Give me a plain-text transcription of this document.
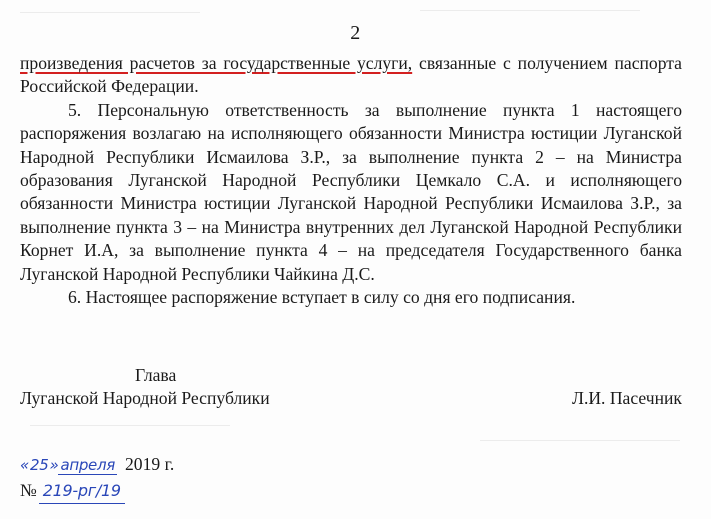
2

произведения расчетов за государственные услуги, связанные с получением паспорта Российской Федерации.

5. Персональную ответственность за выполнение пункта 1 настоящего распоряжения возлагаю на исполняющего обязанности Министра юстиции Луганской Народной Республики Исмаилова З.Р., за выполнение пункта 2 – на Министра образования Луганской Народной Республики Цемкало С.А. и исполняющего обязанности Министра юстиции Луганской Народной Республики Исмаилова З.Р., за выполнение пункта 3 – на Министра внутренних дел Луганской Народной Республики Корнет И.А, за выполнение пункта 4 – на председателя Государственного банка Луганской Народной Республики Чайкина Д.С.

6. Настоящее распоряжение вступает в силу со дня его подписания.

Глава
Луганской Народной Республики	Л.И. Пасечник
«25» апреля 2019 г.
№ 219-рг/19
